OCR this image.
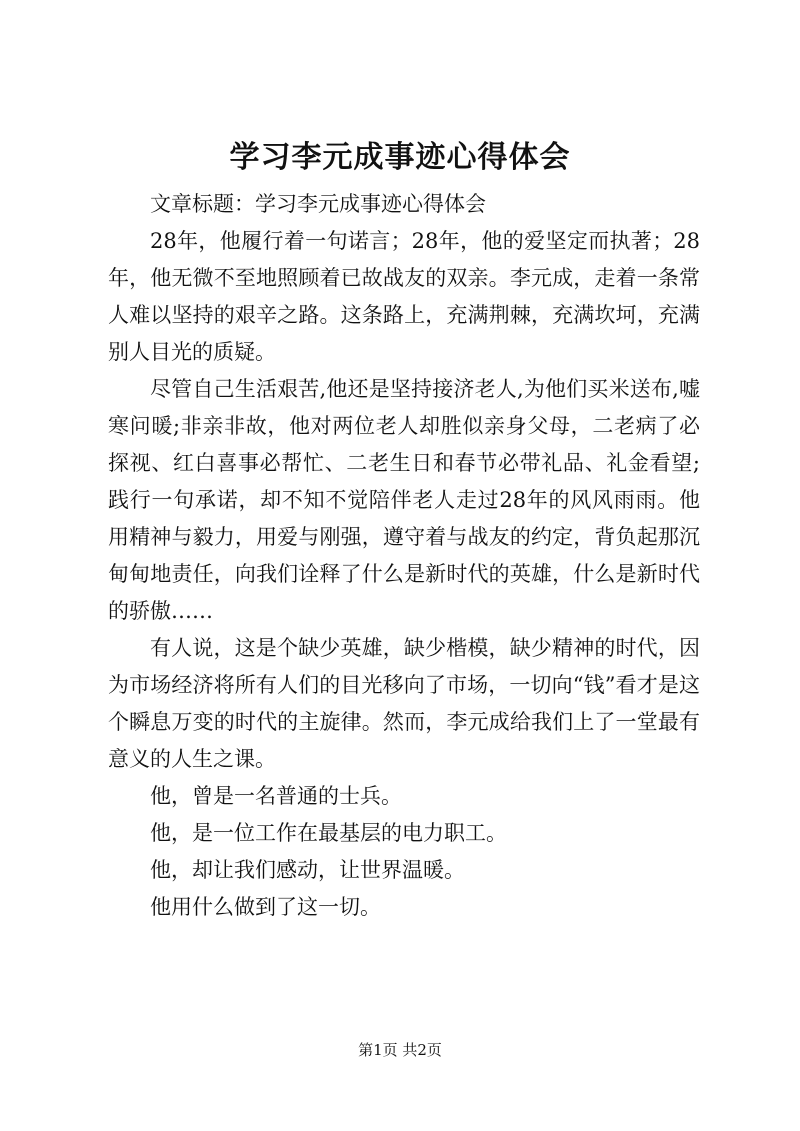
学习李元成事迹心得体会

文章标题：学习李元成事迹心得体会

28年，他履行着一句诺言；28年，他的爱坚定而执著；28年，他无微不至地照顾着已故战友的双亲。李元成，走着一条常人难以坚持的艰辛之路。这条路上，充满荆棘，充满坎坷，充满别人目光的质疑。

尽管自己生活艰苦,他还是坚持接济老人,为他们买米送布,嘘寒问暖;非亲非故，他对两位老人却胜似亲身父母，二老病了必探视、红白喜事必帮忙、二老生日和春节必带礼品、礼金看望;践行一句承诺，却不知不觉陪伴老人走过28年的风风雨雨。他用精神与毅力，用爱与刚强，遵守着与战友的约定，背负起那沉甸甸地责任，向我们诠释了什么是新时代的英雄，什么是新时代的骄傲……

有人说，这是个缺少英雄，缺少楷模，缺少精神的时代，因为市场经济将所有人们的目光移向了市场，一切向“钱”看才是这个瞬息万变的时代的主旋律。然而，李元成给我们上了一堂最有意义的人生之课。

他，曾是一名普通的士兵。

他，是一位工作在最基层的电力职工。

他，却让我们感动，让世界温暖。

他用什么做到了这一切。

第1页 共2页
